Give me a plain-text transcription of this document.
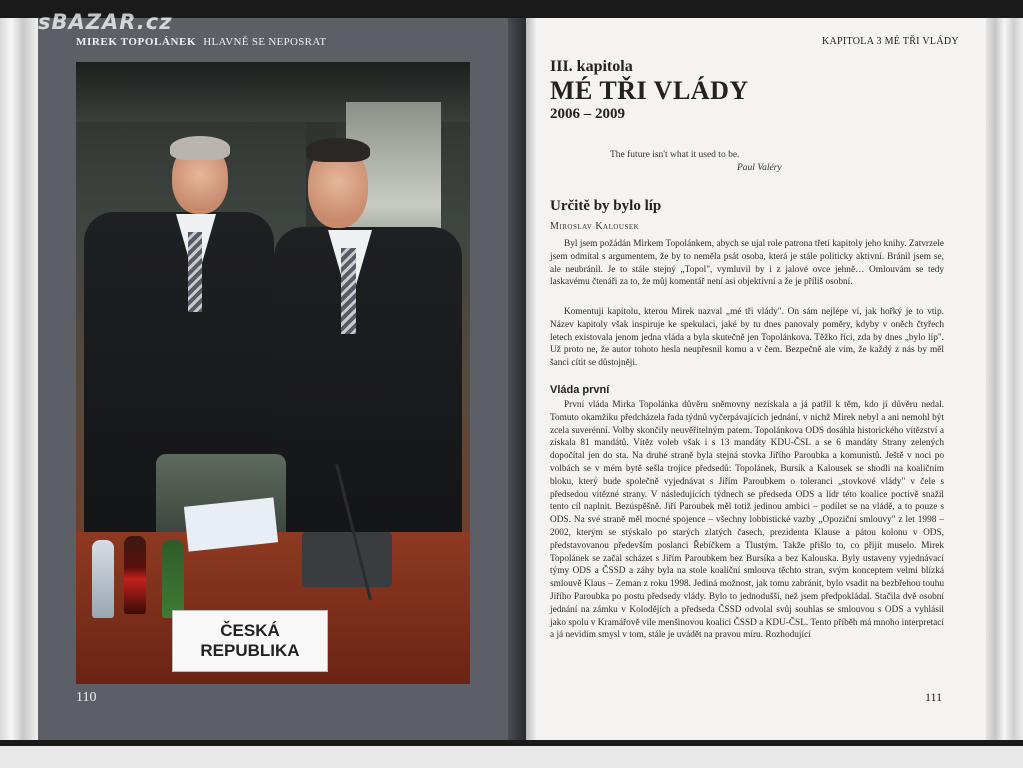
sBAZAR.cz
MIREK TOPOLÁNEK HLAVNĚ SE NEPOSRAT
ČESKÁ
REPUBLIKA
110
KAPITOLA 3 MÉ TŘI VLÁDY
III. kapitola
MÉ TŘI VLÁDY
2006 – 2009
The future isn't what it used to be.
Paul Valéry
Určitě by bylo líp
Miroslav Kalousek

Byl jsem požádán Mirkem Topolánkem, abych se ujal role patrona třetí kapitoly jeho knihy. Zatvrzele jsem odmítal s argumentem, že by to neměla psát osoba, která je stále politicky aktivní. Bránil jsem se, ale neubránil. Je to stále stejný „Topol", vymluvil by i z jalové ovce jehně… Omlouvám se tedy laskavému čtenáři za to, že můj komentář není asi objektivní a že je příliš osobní.

Komentuji kapitolu, kterou Mirek nazval „mé tři vlády". On sám nejlépe ví, jak hořký je to vtip. Název kapitoly však inspiruje ke spekulaci, jaké by tu dnes panovaly poměry, kdyby v oněch čtyřech letech existovala jenom jedna vláda a byla skutečně jen Topolánkova. Těžko říci, zda by dnes „bylo líp". Už proto ne, že autor tohoto hesla neupřesnil komu a v čem. Bezpečně ale vím, že každý z nás by měl šanci cítit se důstojněji.

Vláda první

První vláda Mirka Topolánka důvěru sněmovny nezískala a já patřil k těm, kdo jí důvěru nedal. Tomuto okamžiku předcházela řada týdnů vyčerpávajících jednání, v nichž Mirek nebyl a ani nemohl být zcela suverénní. Volby skončily neuvěřitelným patem. Topolánkova ODS dosáhla historického vítězství a získala 81 mandátů. Vítěz voleb však i s 13 mandáty KDU-ČSL a se 6 mandáty Strany zelených dopočítal jen do sta. Na druhé straně byla stejná stovka Jiřího Paroubka a komunistů. Ještě v noci po volbách se v mém bytě sešla trojice předsedů: Topolánek, Bursík a Kalousek se shodli na koaličním bloku, který bude společně vyjednávat s Jiřím Paroubkem o toleranci „stovkové vlády" v čele s předsedou vítězné strany. V následujících týdnech se předseda ODS a lídr této koalice poctivě snažil tento cíl naplnit. Bezúspěšně. Jiří Paroubek měl totiž jedinou ambici – podílet se na vládě, a to pouze s ODS. Na své straně měl mocné spojence – všechny lobbistické vazby „Opoziční smlouvy" z let 1998 – 2002, kterým se stýskalo po starých zlatých časech, prezidenta Klause a pátou kolonu v ODS, představovanou především poslanci Řebíčkem a Tlustým. Takže přišlo to, co přijít muselo. Mirek Topolánek se začal scházet s Jiřím Paroubkem bez Bursíka a bez Kalouska. Byly ustaveny vyjednávací týmy ODS a ČSSD a záhy byla na stole koaliční smlouva těchto stran, svým konceptem velmi blízká smlouvě Klaus – Zeman z roku 1998. Jediná možnost, jak tomu zabránit, bylo vsadit na bezbřehou touhu Jiřího Paroubka po postu předsedy vlády. Bylo to jednodušší, než jsem předpokládal. Stačila dvě osobní jednání na zámku v Kolodějích a předseda ČSSD odvolal svůj souhlas se smlouvou s ODS a vyhlásil jako spolu v Kramářově vile menšinovou koalici ČSSD a KDU-ČSL. Tento příběh má mnoho interpretací a já nevidím smysl v tom, stále je uvádět na pravou míru. Rozhodující

111
